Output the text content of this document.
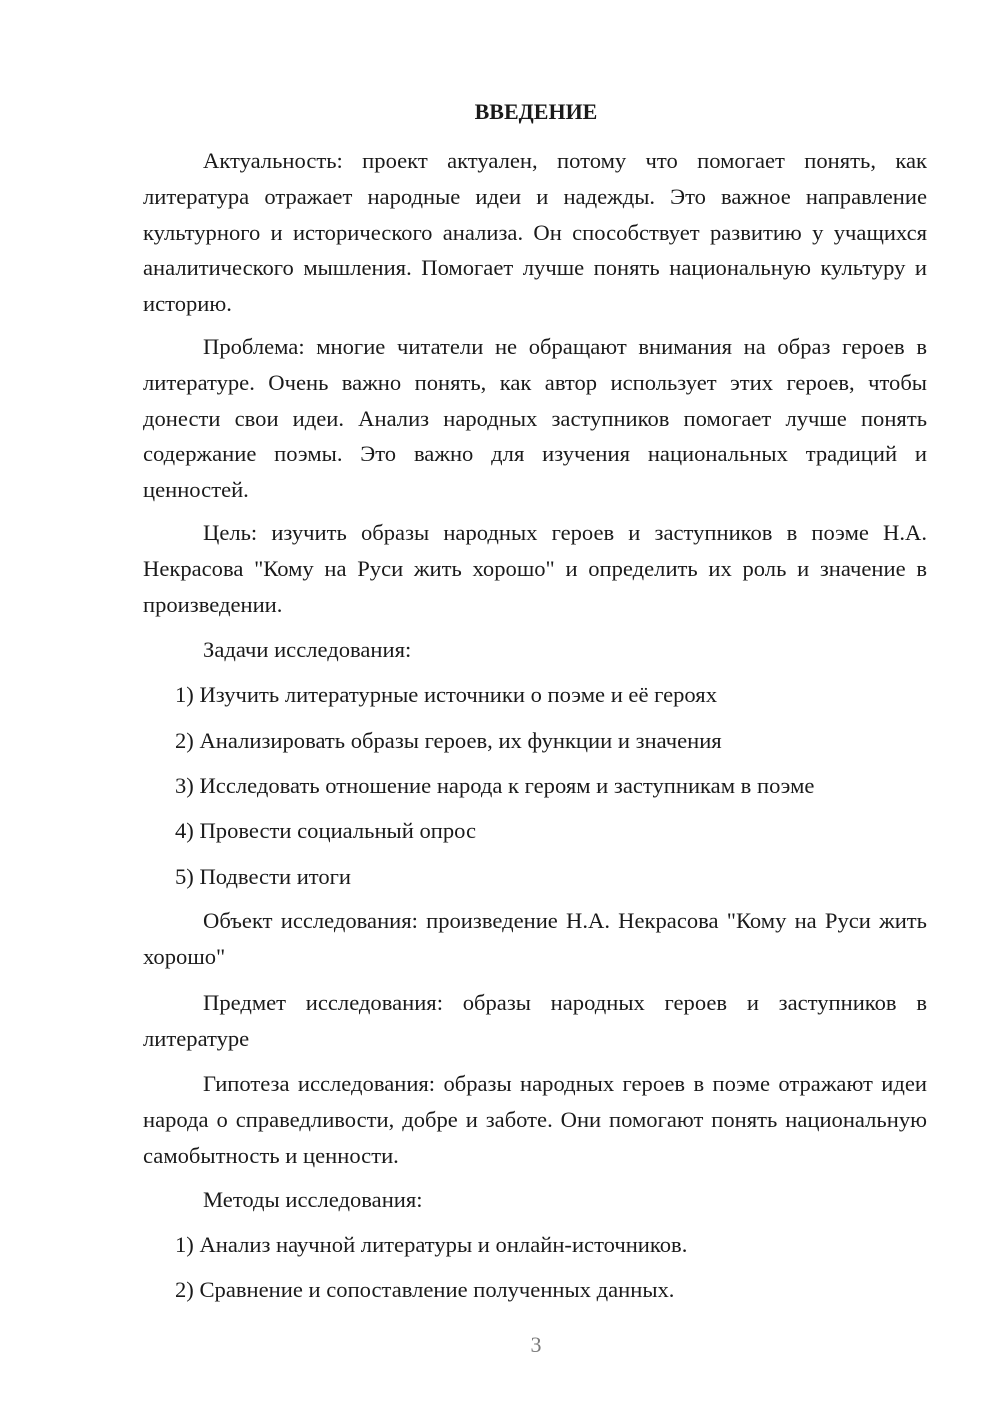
ВВЕДЕНИЕ

Актуальность: проект актуален, потому что помогает понять, как литература отражает народные идеи и надежды. Это важное направление культурного и исторического анализа. Он способствует развитию у учащихся аналитического мышления. Помогает лучше понять национальную культуру и историю.

Проблема: многие читатели не обращают внимания на образ героев в литературе. Очень важно понять, как автор использует этих героев, чтобы донести свои идеи. Анализ народных заступников помогает лучше понять содержание поэмы. Это важно для изучения национальных традиций и ценностей.

Цель: изучить образы народных героев и заступников в поэме Н.А. Некрасова "Кому на Руси жить хорошо" и определить их роль и значение в произведении.

Задачи исследования:

1) Изучить литературные источники о поэме и её героях

2) Анализировать образы героев, их функции и значения

3) Исследовать отношение народа к героям и заступникам в поэме

4) Провести социальный опрос

5) Подвести итоги

Объект исследования: произведение Н.А. Некрасова "Кому на Руси жить хорошо"

Предмет исследования: образы народных героев и заступников в литературе

Гипотеза исследования: образы народных героев в поэме отражают идеи народа о справедливости, добре и заботе. Они помогают понять национальную самобытность и ценности.

Методы исследования:

1) Анализ научной литературы и онлайн-источников.

2) Сравнение и сопоставление полученных данных.

3
